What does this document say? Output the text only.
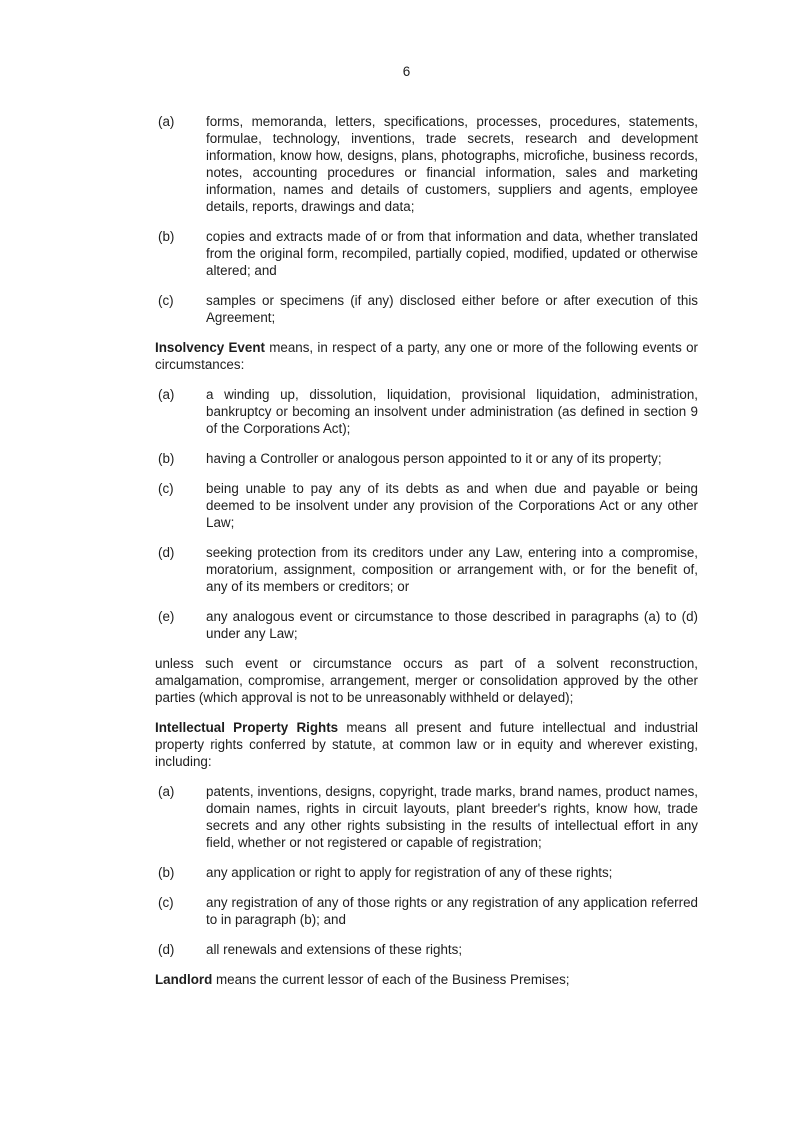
6
(a) forms, memoranda, letters, specifications, processes, procedures, statements, formulae, technology, inventions, trade secrets, research and development information, know how, designs, plans, photographs, microfiche, business records, notes, accounting procedures or financial information, sales and marketing information, names and details of customers, suppliers and agents, employee details, reports, drawings and data;
(b) copies and extracts made of or from that information and data, whether translated from the original form, recompiled, partially copied, modified, updated or otherwise altered; and
(c) samples or specimens (if any) disclosed either before or after execution of this Agreement;

Insolvency Event means, in respect of a party, any one or more of the following events or circumstances:

(a) a winding up, dissolution, liquidation, provisional liquidation, administration, bankruptcy or becoming an insolvent under administration (as defined in section 9 of the Corporations Act);
(b) having a Controller or analogous person appointed to it or any of its property;
(c) being unable to pay any of its debts as and when due and payable or being deemed to be insolvent under any provision of the Corporations Act or any other Law;
(d) seeking protection from its creditors under any Law, entering into a compromise, moratorium, assignment, composition or arrangement with, or for the benefit of, any of its members or creditors; or
(e) any analogous event or circumstance to those described in paragraphs (a) to (d) under any Law;

unless such event or circumstance occurs as part of a solvent reconstruction, amalgamation, compromise, arrangement, merger or consolidation approved by the other parties (which approval is not to be unreasonably withheld or delayed);

Intellectual Property Rights means all present and future intellectual and industrial property rights conferred by statute, at common law or in equity and wherever existing, including:

(a) patents, inventions, designs, copyright, trade marks, brand names, product names, domain names, rights in circuit layouts, plant breeder's rights, know how, trade secrets and any other rights subsisting in the results of intellectual effort in any field, whether or not registered or capable of registration;
(b) any application or right to apply for registration of any of these rights;
(c) any registration of any of those rights or any registration of any application referred to in paragraph (b); and
(d) all renewals and extensions of these rights;

Landlord means the current lessor of each of the Business Premises;
